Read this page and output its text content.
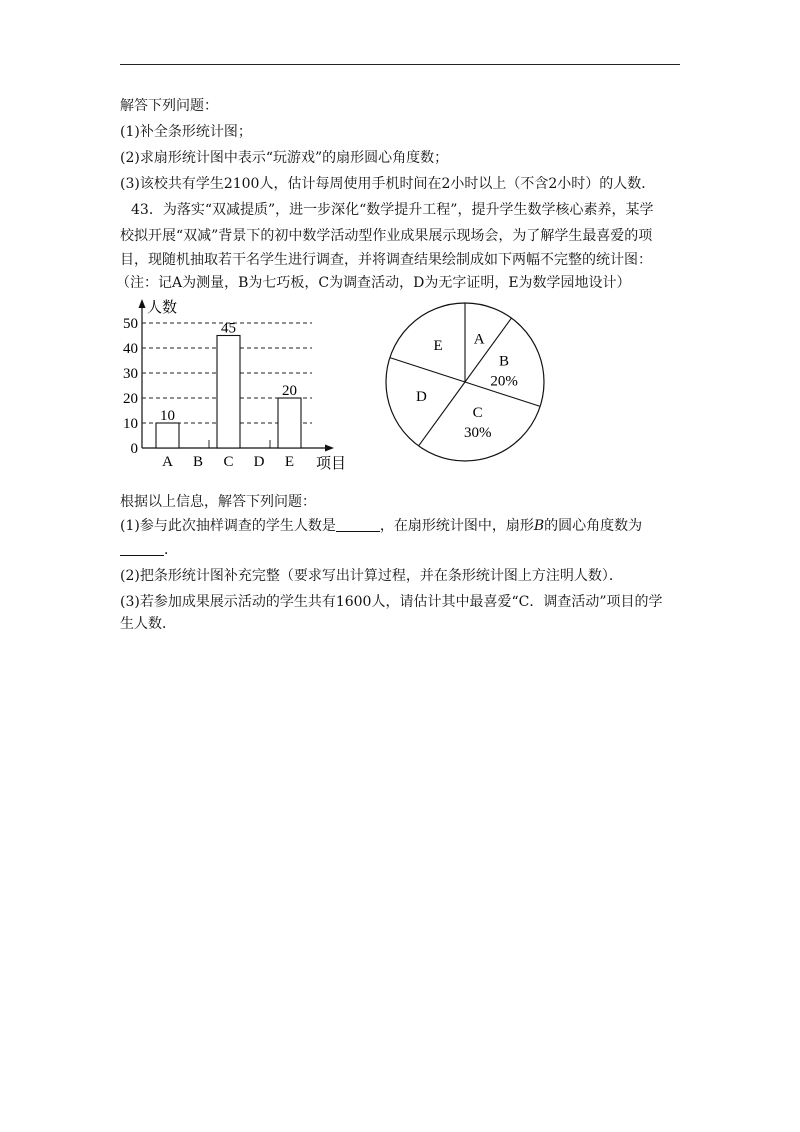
解答下列问题：
(1)补全条形统计图；
(2)求扇形统计图中表示“玩游戏”的扇形圆心角度数；
(3)该校共有学生2100人，估计每周使用手机时间在2小时以上（不含2小时）的人数．
43．为落实“双减提质”，进一步深化“数学提升工程”，提升学生数学核心素养，某学
校拟开展“双减”背景下的初中数学活动型作业成果展示现场会，为了解学生最喜爱的项
目，现随机抽取若干名学生进行调查，并将调查结果绘制成如下两幅不完整的统计图：
（注：记A为测量，B为七巧板，C为调查活动，D为无字证明，E为数学园地设计）
人数
项目
0
10
20
30
40
50
A
10
B C
45
D E
20
A
B
20%
C
30%
D
E
根据以上信息，解答下列问题：
(1)参与此次抽样调查的学生人数是	，在扇形统计图中，扇形B的圆心角度数为
．
(2)把条形统计图补充完整（要求写出计算过程，并在条形统计图上方注明人数）．
(3)若参加成果展示活动的学生共有1600人，请估计其中最喜爱“C．调查活动”项目的学
生人数．
